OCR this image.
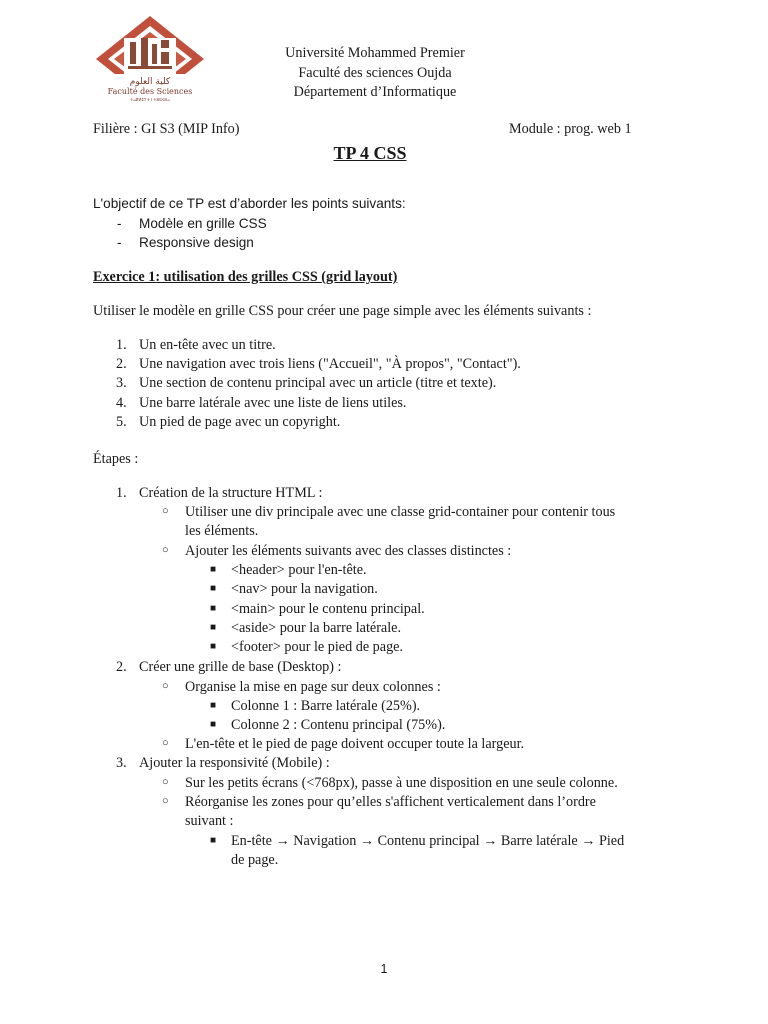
كلية العلوم
Faculté des Sciences
ⵜⴰⴽⵍⵉⵢⵜ ⵏ ⵜⵓⵙⵙⵏⴰ
Université Mohammed Premier
Faculté des sciences Oujda
Département d’Informatique
Filière : GI S3 (MIP Info)	Module : prog. web 1
TP 4 CSS
L'objectif de ce TP est d’aborder les points suivants:
- Modèle en grille CSS
- Responsive design
Exercice 1: utilisation des grilles CSS (grid layout)
Utiliser le modèle en grille CSS pour créer une page simple avec les éléments suivants :
1. Un en-tête avec un titre.
2. Une navigation avec trois liens ("Accueil", "À propos", "Contact").
3. Une section de contenu principal avec un article (titre et texte).
4. Une barre latérale avec une liste de liens utiles.
5. Un pied de page avec un copyright.
Étapes :
1. Création de la structure HTML :
○ Utiliser une div principale avec une classe grid-container pour contenir tous
les éléments.
○ Ajouter les éléments suivants avec des classes distinctes :
■ <header> pour l'en-tête.
■ <nav> pour la navigation.
■ <main> pour le contenu principal.
■ <aside> pour la barre latérale.
■ <footer> pour le pied de page.
2. Créer une grille de base (Desktop) :
○ Organise la mise en page sur deux colonnes :
■ Colonne 1 : Barre latérale (25%).
■ Colonne 2 : Contenu principal (75%).
○ L'en-tête et le pied de page doivent occuper toute la largeur.
3. Ajouter la responsivité (Mobile) :
○ Sur les petits écrans (<768px), passe à une disposition en une seule colonne.
○ Réorganise les zones pour qu’elles s'affichent verticalement dans l’ordre
suivant :
■ En-tête → Navigation → Contenu principal → Barre latérale → Pied
de page.
1
